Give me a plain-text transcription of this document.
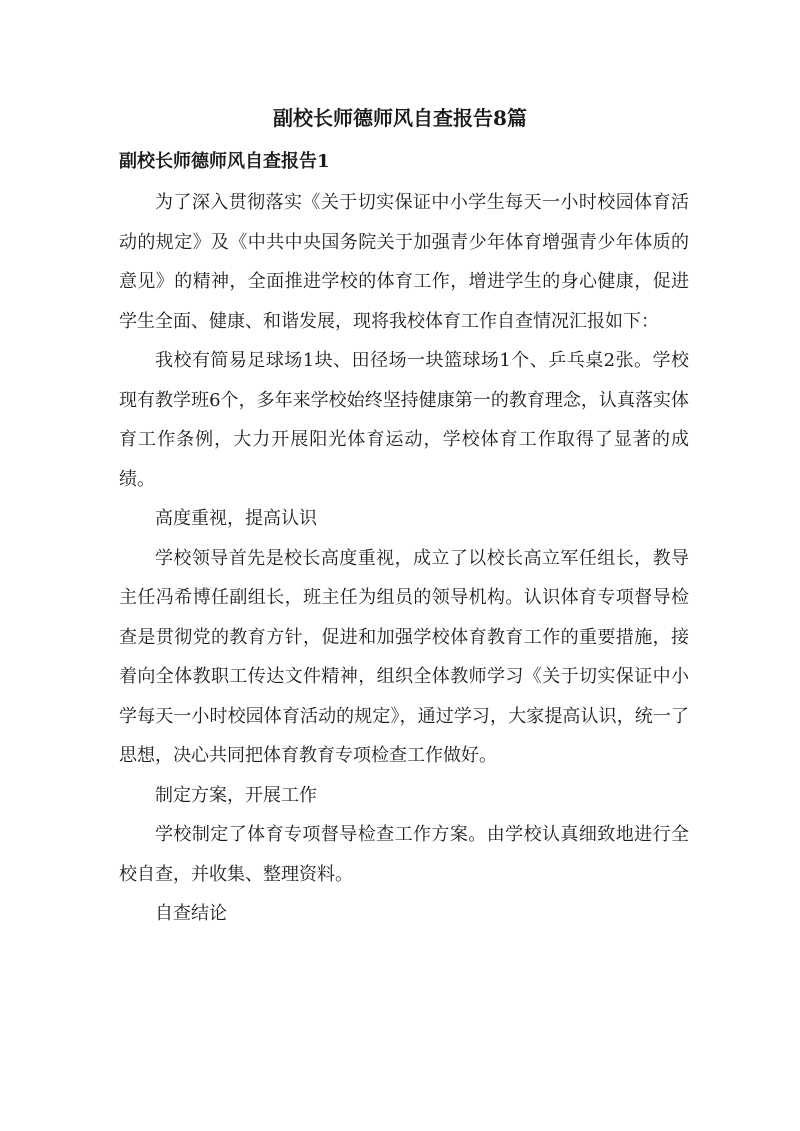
副校长师德师风自查报告8篇
副校长师德师风自查报告1

为了深入贯彻落实《关于切实保证中小学生每天一小时校园体育活动的规定》及《中共中央国务院关于加强青少年体育增强青少年体质的意见》的精神，全面推进学校的体育工作，增进学生的身心健康，促进学生全面、健康、和谐发展，现将我校体育工作自查情况汇报如下：

我校有简易足球场1块、田径场一块篮球场1个、乒乓桌2张。学校现有教学班6个，多年来学校始终坚持健康第一的教育理念，认真落实体育工作条例，大力开展阳光体育运动，学校体育工作取得了显著的成绩。

高度重视，提高认识

学校领导首先是校长高度重视，成立了以校长高立军任组长，教导主任冯希博任副组长，班主任为组员的领导机构。认识体育专项督导检查是贯彻党的教育方针，促进和加强学校体育教育工作的重要措施，接着向全体教职工传达文件精神，组织全体教师学习《关于切实保证中小学每天一小时校园体育活动的规定》，通过学习，大家提高认识，统一了思想，决心共同把体育教育专项检查工作做好。

制定方案，开展工作

学校制定了体育专项督导检查工作方案。由学校认真细致地进行全校自查，并收集、整理资料。

自查结论
